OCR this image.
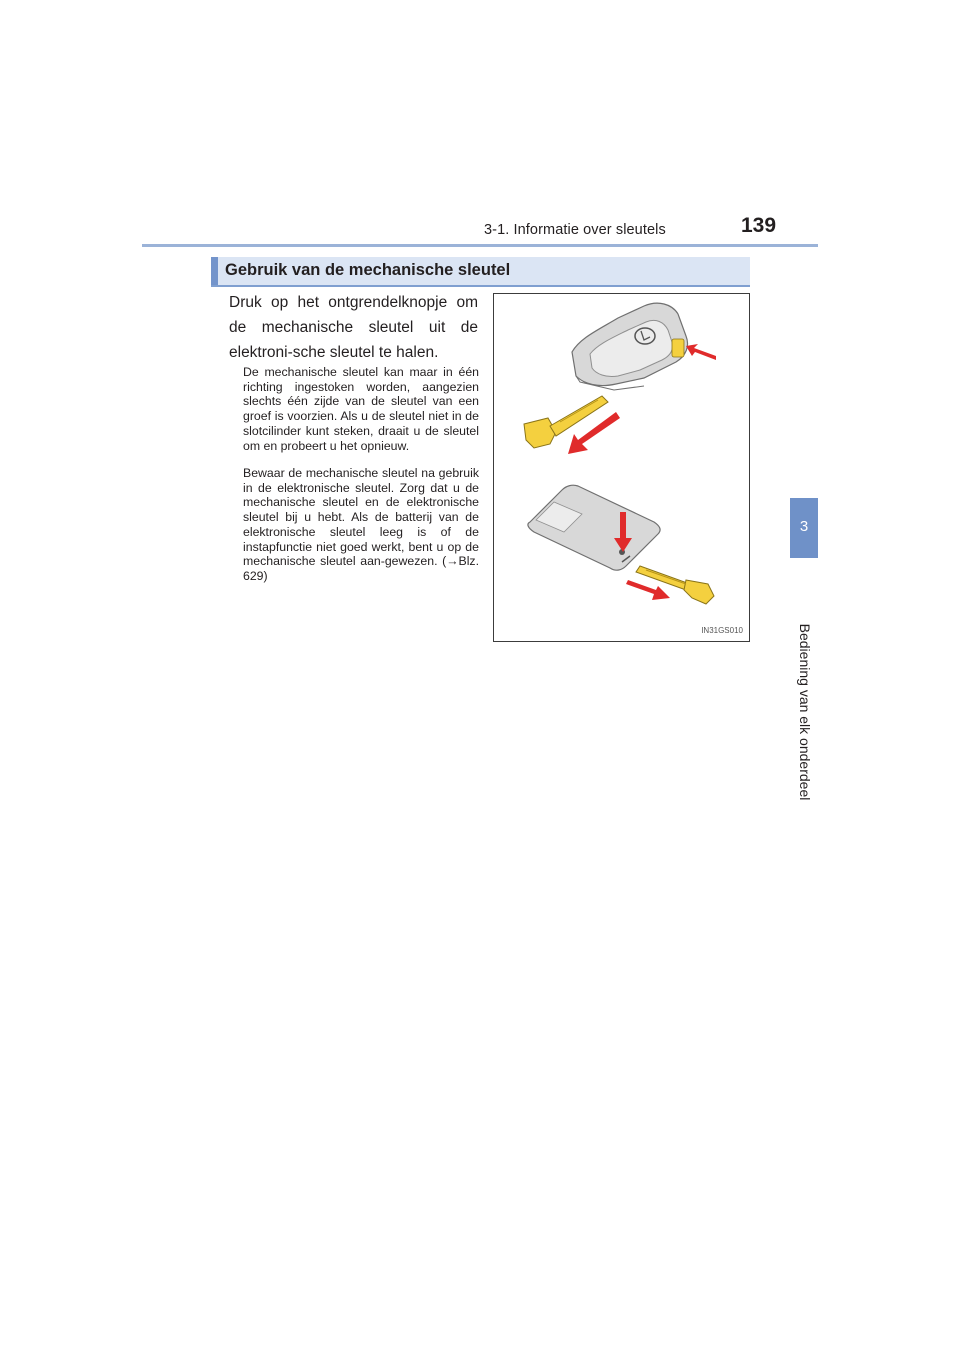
3-1. Informatie over sleutels	139
3
Bediening van elk onderdeel
Gebruik van de mechanische sleutel
Druk op het ontgrendelknopje om de mechanische sleutel uit de elektroni-sche sleutel te halen.
De mechanische sleutel kan maar in één richting ingestoken worden, aangezien slechts één zijde van de sleutel van een groef is voorzien. Als u de sleutel niet in de slotcilinder kunt steken, draait u de sleutel om en probeert u het opnieuw.
Bewaar de mechanische sleutel na gebruik in de elektronische sleutel. Zorg dat u de mechanische sleutel en de elektronische sleutel bij u hebt. Als de batterij van de elektronische sleutel leeg is of de instapfunctie niet goed werkt, bent u op de mechanische sleutel aan-gewezen. (→Blz. 629)
IN31GS010
